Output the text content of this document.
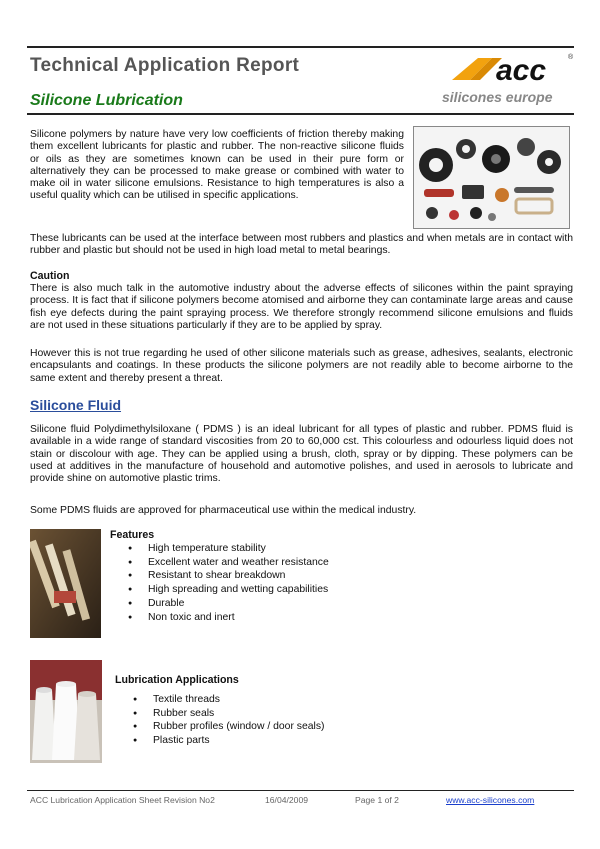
Technical Application Report
Silicone Lubrication
acc	®
silicones europe

Silicone polymers by nature have very low coefficients of friction thereby making them excellent lubricants for plastic and rubber. The non-reactive silicone fluids or oils as they are sometimes known can be used in their pure form or alternatively they can be processed to make grease or combined with water to make oil in water silicone emulsions. Resistance to high temperatures is also a useful quality which can be utilised in specific applications.

These lubricants can be used at the interface between most rubbers and plastics and when metals are in contact with rubber and plastic but should not be used in high load metal to metal bearings.

Caution

There is also much talk in the automotive industry about the adverse effects of silicones within the paint spraying process. It is fact that if silicone polymers become atomised and airborne they can contaminate large areas and cause fish eye defects during the paint spraying process. We therefore strongly recommend silicone emulsions and fluids are not used in these situations particularly if they are to be applied by spray.

However this is not true regarding he used of other silicone materials such as grease, adhesives, sealants, electronic encapsulants and coatings. In these products the silicone polymers are not readily able to become airborne to the same extent and thereby present a threat.

Silicone Fluid

Silicone fluid Polydimethylsiloxane ( PDMS ) is an ideal lubricant for all types of plastic and rubber. PDMS fluid is available in a wide range of standard viscosities from 20 to 60,000 cst. This colourless and odourless liquid does not stain or discolour with age. They can be applied using a brush, cloth, spray or by dipping. These polymers can be used at additives in the manufacture of household and automotive polishes, and used in aerosols to lubricate and provide shine on automotive plastic trims.

Some PDMS fluids are approved for pharmaceutical use within the medical industry.

Features
● High temperature stability
● Excellent water and weather resistance
● Resistant to shear breakdown
● High spreading and wetting capabilities
● Durable
● Non toxic and inert
Lubrication Applications
● Textile threads
● Rubber seals
● Rubber profiles (window / door seals)
● Plastic parts
ACC Lubrication Application Sheet Revision No2	16/04/2009	Page 1 of 2	www.acc-silicones.com
